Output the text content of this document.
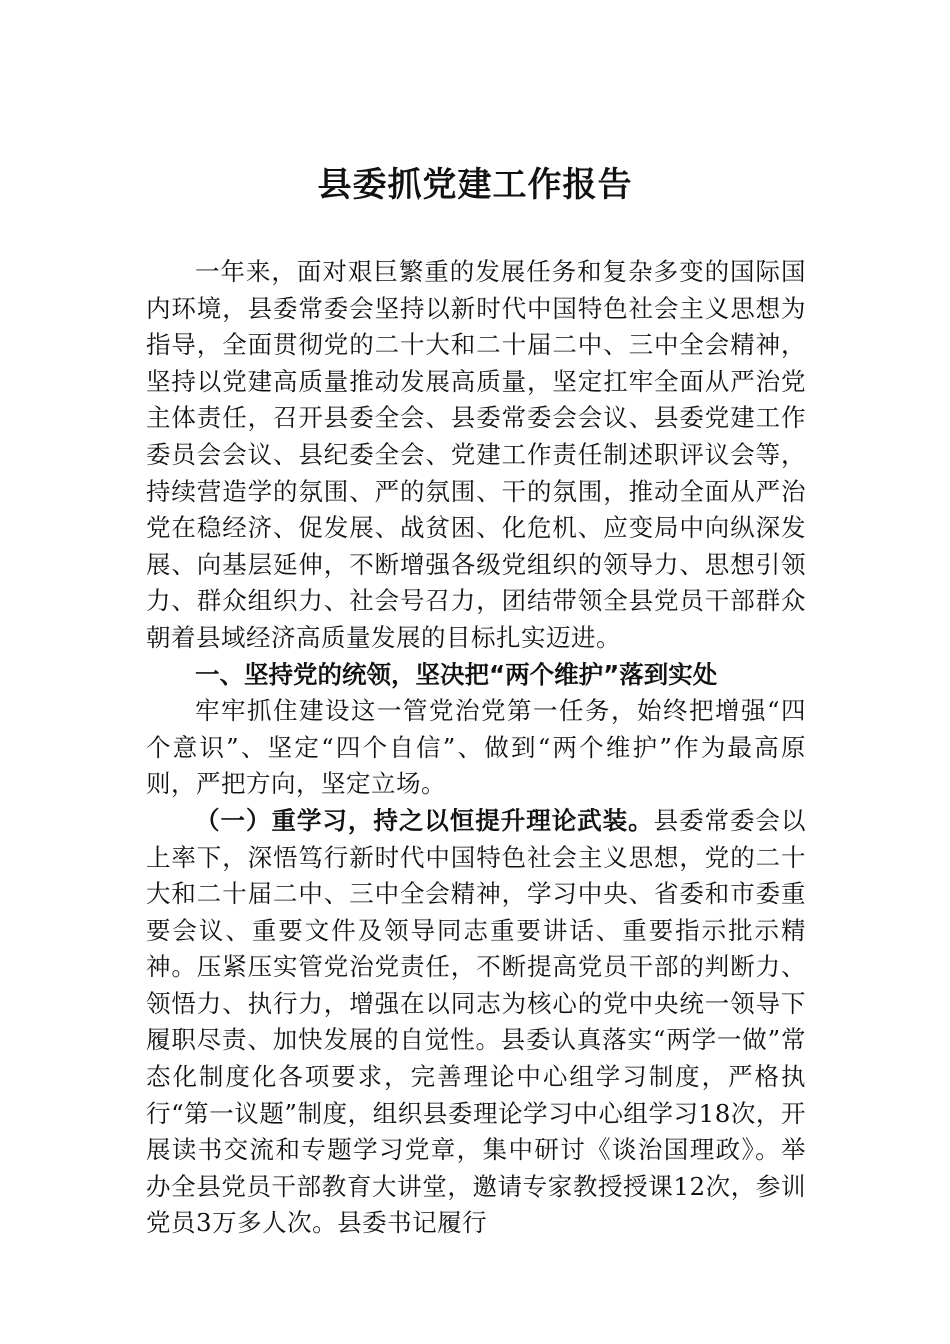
县委抓党建工作报告

一年来，面对艰巨繁重的发展任务和复杂多变的国际国内环境，县委常委会坚持以新时代中国特色社会主义思想为指导，全面贯彻党的二十大和二十届二中、三中全会精神，坚持以党建高质量推动发展高质量，坚定扛牢全面从严治党主体责任，召开县委全会、县委常委会会议、县委党建工作委员会会议、县纪委全会、党建工作责任制述职评议会等，持续营造学的氛围、严的氛围、干的氛围，推动全面从严治党在稳经济、促发展、战贫困、化危机、应变局中向纵深发展、向基层延伸，不断增强各级党组织的领导力、思想引领力、群众组织力、社会号召力，团结带领全县党员干部群众朝着县域经济高质量发展的目标扎实迈进。

一、坚持党的统领，坚决把“两个维护”落到实处

牢牢抓住建设这一管党治党第一任务，始终把增强“四个意识”、坚定“四个自信”、做到“两个维护”作为最高原则，严把方向，坚定立场。

（一）重学习，持之以恒提升理论武装。县委常委会以上率下，深悟笃行新时代中国特色社会主义思想，党的二十大和二十届二中、三中全会精神，学习中央、省委和市委重要会议、重要文件及领导同志重要讲话、重要指示批示精神。压紧压实管党治党责任，不断提高党员干部的判断力、领悟力、执行力，增强在以同志为核心的党中央统一领导下履职尽责、加快发展的自觉性。县委认真落实“两学一做”常态化制度化各项要求，完善理论中心组学习制度，严格执行“第一议题”制度，组织县委理论学习中心组学习18次，开展读书交流和专题学习党章，集中研讨《谈治国理政》。举办全县党员干部教育大讲堂，邀请专家教授授课12次，参训党员3万多人次。县委书记履行
